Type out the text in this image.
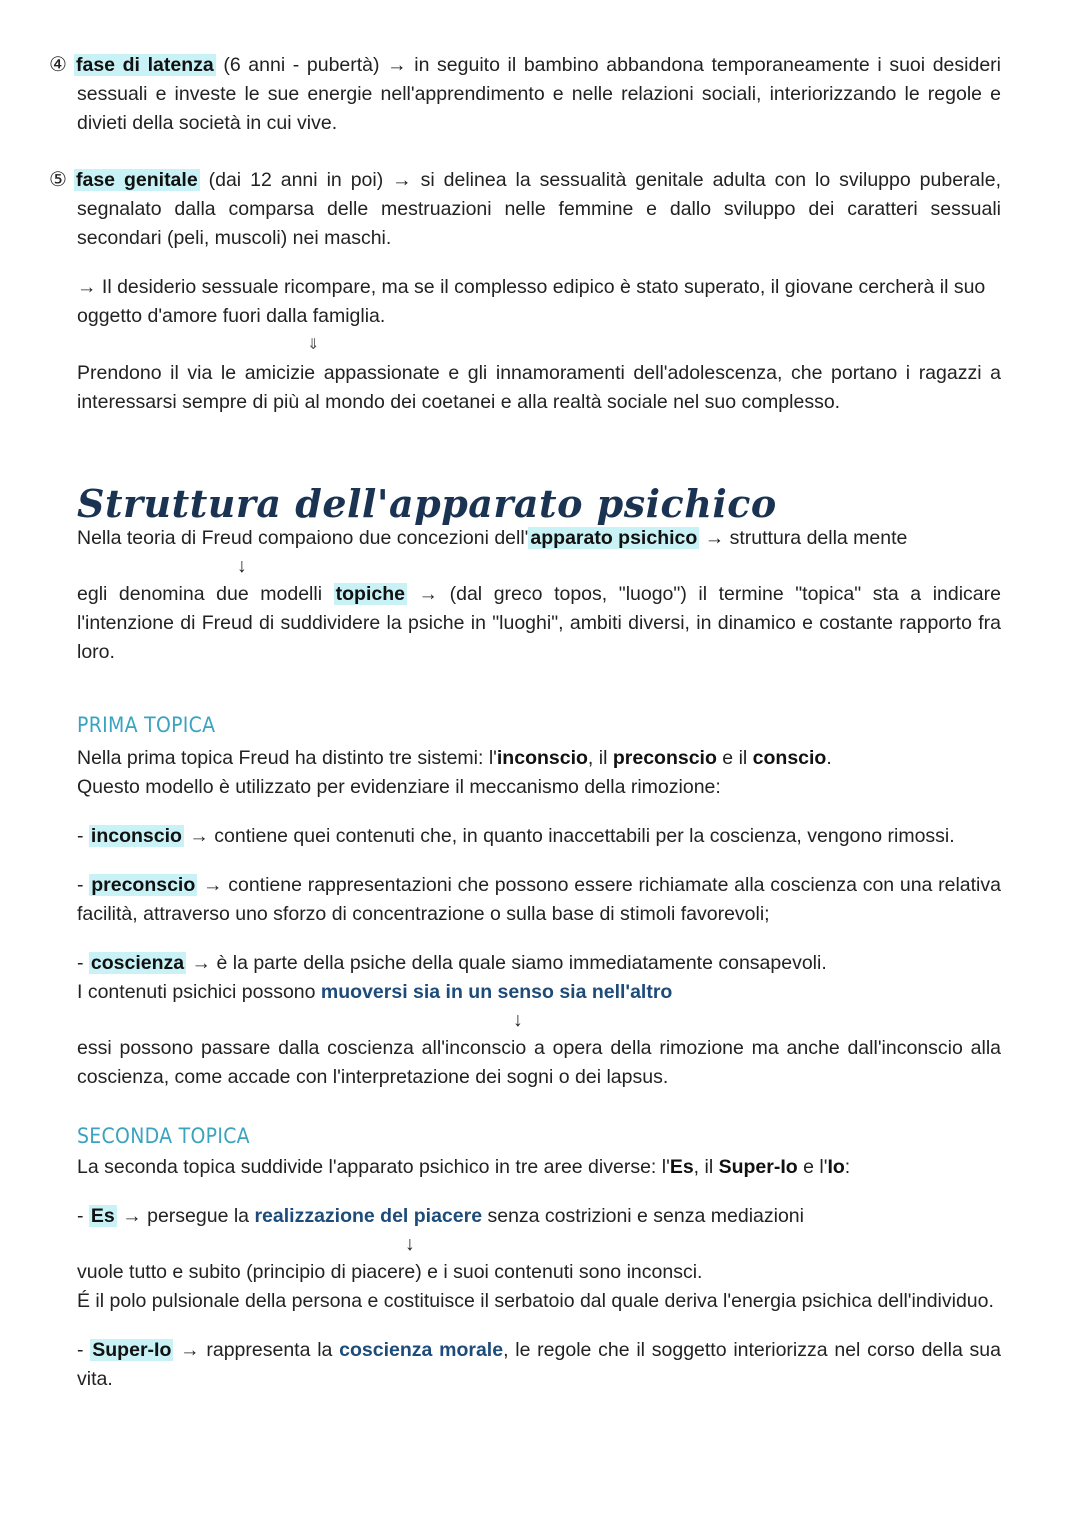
④ fase di latenza (6 anni - pubertà) → in seguito il bambino abbandona temporaneamente i suoi desideri sessuali e investe le sue energie nell'apprendimento e nelle relazioni sociali, interiorizzando le regole e divieti della società in cui vive.

⑤ fase genitale (dai 12 anni in poi) → si delinea la sessualità genitale adulta con lo sviluppo puberale, segnalato dalla comparsa delle mestruazioni nelle femmine e dallo sviluppo dei caratteri sessuali secondari (peli, muscoli) nei maschi.

→ Il desiderio sessuale ricompare, ma se il complesso edipico è stato superato, il giovane cercherà il suo oggetto d'amore fuori dalla famiglia.

⇓

Prendono il via le amicizie appassionate e gli innamoramenti dell'adolescenza, che portano i ragazzi a interessarsi sempre di più al mondo dei coetanei e alla realtà sociale nel suo complesso.

Struttura dell'apparato psichico

Nella teoria di Freud compaiono due concezioni dell' apparato psichico → struttura della mente

↓

egli denomina due modelli topiche → (dal greco topos, "luogo") il termine "topica" sta a indicare l'intenzione di Freud di suddividere la psiche in "luoghi", ambiti diversi, in dinamico e costante rapporto fra loro.

PRIMA TOPICA

Nella prima topica Freud ha distinto tre sistemi: l'inconscio, il preconscio e il conscio.

Questo modello è utilizzato per evidenziare il meccanismo della rimozione:

- inconscio → contiene quei contenuti che, in quanto inaccettabili per la coscienza, vengono rimossi.

- preconscio → contiene rappresentazioni che possono essere richiamate alla coscienza con una relativa facilità, attraverso uno sforzo di concentrazione o sulla base di stimoli favorevoli;

- coscienza → è la parte della psiche della quale siamo immediatamente consapevoli.

I contenuti psichici possono muoversi sia in un senso sia nell'altro

↓

essi possono passare dalla coscienza all'inconscio a opera della rimozione ma anche dall'inconscio alla coscienza, come accade con l'interpretazione dei sogni o dei lapsus.

SECONDA TOPICA

La seconda topica suddivide l'apparato psichico in tre aree diverse: l'Es, il Super-Io e l'Io:

- Es → persegue la realizzazione del piacere senza costrizioni e senza mediazioni

↓

vuole tutto e subito (principio di piacere) e i suoi contenuti sono inconsci.

É il polo pulsionale della persona e costituisce il serbatoio dal quale deriva l'energia psichica dell'individuo.

- Super-Io → rappresenta la coscienza morale, le regole che il soggetto interiorizza nel corso della sua vita.
